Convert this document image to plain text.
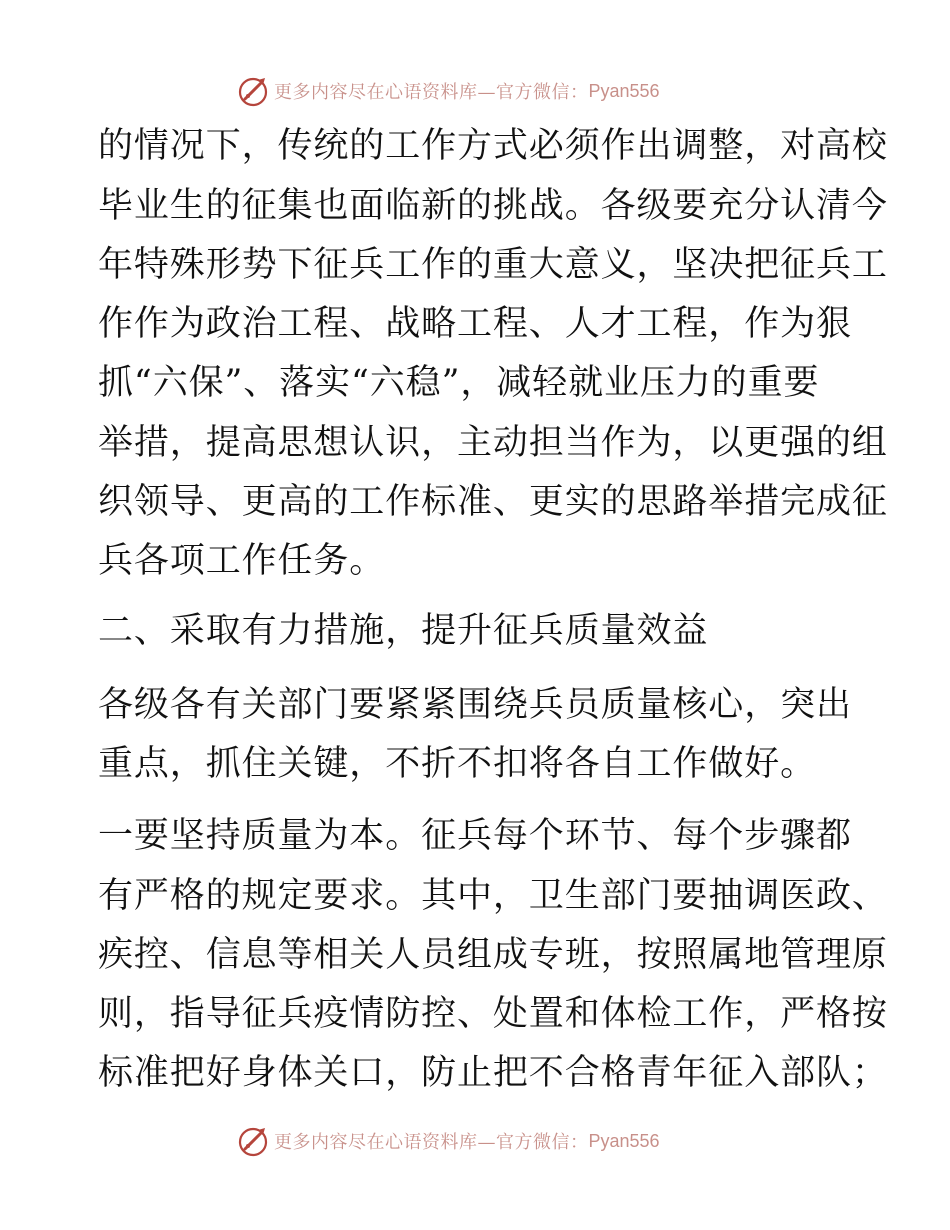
更多内容尽在心语资料库—官方微信： Pyan556
的情况下，传统的工作方式必须作出调整，对高校
毕业生的征集也面临新的挑战。各级要充分认清今
年特殊形势下征兵工作的重大意义，坚决把征兵工
作作为政治工程、战略工程、人才工程，作为狠
抓“六保”、落实“六稳”，减轻就业压力的重要
举措，提高思想认识，主动担当作为，以更强的组
织领导、更高的工作标准、更实的思路举措完成征
兵各项工作任务。
二、采取有力措施，提升征兵质量效益
各级各有关部门要紧紧围绕兵员质量核心，突出
重点，抓住关键，不折不扣将各自工作做好。
一要坚持质量为本。征兵每个环节、每个步骤都
有严格的规定要求。其中，卫生部门要抽调医政、
疾控、信息等相关人员组成专班，按照属地管理原
则，指导征兵疫情防控、处置和体检工作，严格按
标准把好身体关口，防止把不合格青年征入部队；
更多内容尽在心语资料库—官方微信： Pyan556
